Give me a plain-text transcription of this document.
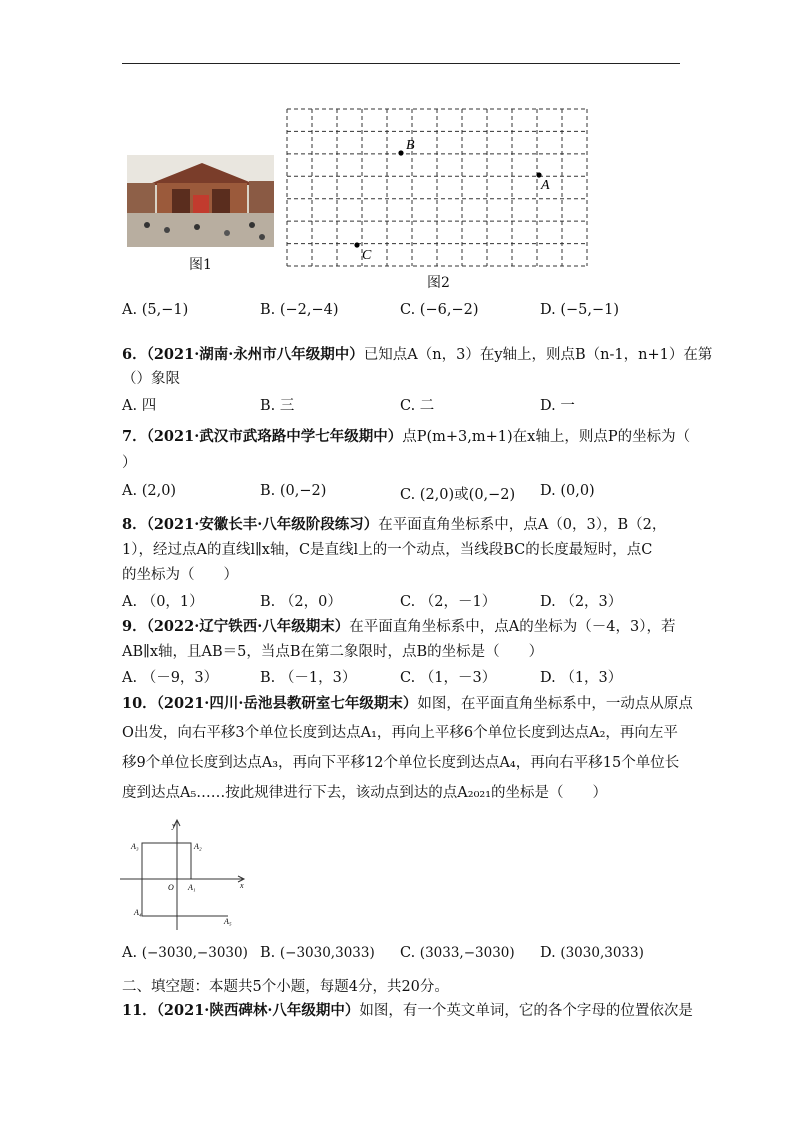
图1
B
A
C
图2
A. (5,−1)	B. (−2,−4)	C. (−6,−2)	D. (−5,−1)
6．（2021·湖南·永州市八年级期中）已知点A（n，3）在y轴上，则点B（n-1，n+1）在第
（）象限
A. 四	B. 三	C. 二	D. 一
7．（2021·武汉市武珞路中学七年级期中）点P(m+3,m+1)在x轴上，则点P的坐标为（
）
A. (2,0)	B. (0,−2)	C. (2,0)或(0,−2) D. (0,0)
8．（2021·安徽长丰·八年级阶段练习）在平面直角坐标系中，点A（0，3），B（2，
1），经过点A的直线l∥x轴，C是直线l上的一个动点，当线段BC的长度最短时，点C
的坐标为（　　）
A. （0，1）	B. （2，0）	C. （2，－1）	D. （2，3）
9．（2022·辽宁铁西·八年级期末）在平面直角坐标系中，点A的坐标为（－4，3），若
AB∥x轴，且AB＝5，当点B在第二象限时，点B的坐标是（　　）
A. （－9，3）	B. （－1，3）	C. （1，－3）	D. （1，3）
10．（2021·四川·岳池县教研室七年级期末）如图，在平面直角坐标系中，一动点从原点
O出发，向右平移3个单位长度到达点A₁，再向上平移6个单位长度到达点A₂，再向左平
移9个单位长度到达点A₃，再向下平移12个单位长度到达点A₄，再向右平移15个单位长
度到达点A₅……按此规律进行下去，该动点到达的点A₂₀₂₁的坐标是（　　）
y
x
O A₁
A₂
A₃
A₄
A₅
A. (−3030,−3030) B. (−3030,3033) C. (3033,−3030) D. (3030,3033)
二、填空题：本题共5个小题，每题4分，共20分。
11．（2021·陕西碑林·八年级期中）如图，有一个英文单词，它的各个字母的位置依次是
